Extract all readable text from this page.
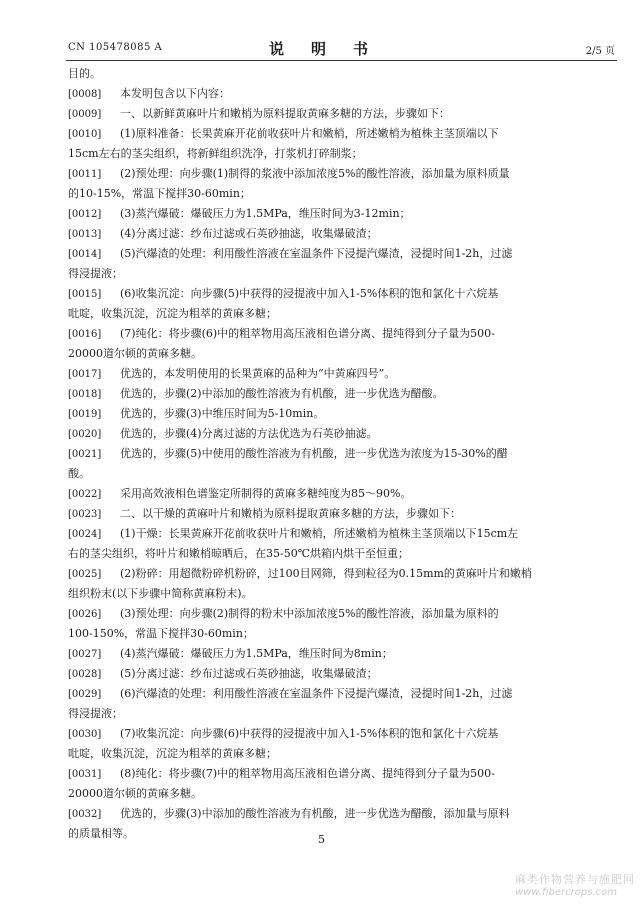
CN 105478085 A	说　明　书	2/5 页
目的。
[0008] 本发明包含以下内容：
[0009] 一、以新鲜黄麻叶片和嫩梢为原料提取黄麻多糖的方法，步骤如下：
[0010] (1)原料准备：长果黄麻开花前收获叶片和嫩梢，所述嫩梢为植株主茎顶端以下
15cm左右的茎尖组织，将新鲜组织洗净，打浆机打碎制浆；
[0011] (2)预处理：向步骤(1)制得的浆液中添加浓度5%的酸性溶液，添加量为原料质量
的10-15%，常温下搅拌30-60min；
[0012] (3)蒸汽爆破：爆破压力为1.5MPa，维压时间为3-12min；
[0013] (4)分离过滤：纱布过滤或石英砂抽滤，收集爆破渣；
[0014] (5)汽爆渣的处理：利用酸性溶液在室温条件下浸提汽爆渣，浸提时间1-2h，过滤
得浸提液；
[0015] (6)收集沉淀：向步骤(5)中获得的浸提液中加入1-5%体积的饱和氯化十六烷基
吡啶，收集沉淀，沉淀为粗萃的黄麻多糖；
[0016] (7)纯化：将步骤(6)中的粗萃物用高压液相色谱分离、提纯得到分子量为500-
20000道尔顿的黄麻多糖。
[0017] 优选的，本发明使用的长果黄麻的品种为“中黄麻四号”。
[0018] 优选的，步骤(2)中添加的酸性溶液为有机酸，进一步优选为醋酸。
[0019] 优选的，步骤(3)中维压时间为5-10min。
[0020] 优选的，步骤(4)分离过滤的方法优选为石英砂抽滤。
[0021] 优选的，步骤(5)中使用的酸性溶液为有机酸，进一步优选为浓度为15-30%的醋
酸。
[0022] 采用高效液相色谱鉴定所制得的黄麻多糖纯度为85～90%。
[0023] 二、以干燥的黄麻叶片和嫩梢为原料提取黄麻多糖的方法，步骤如下：
[0024] (1)干燥：长果黄麻开花前收获叶片和嫩梢，所述嫩梢为植株主茎顶端以下15cm左
右的茎尖组织，将叶片和嫩梢晾晒后，在35-50℃烘箱内烘干至恒重；
[0025] (2)粉碎：用超微粉碎机粉碎，过100目网筛，得到粒径为0.15mm的黄麻叶片和嫩梢
组织粉末(以下步骤中简称黄麻粉末)。
[0026] (3)预处理：向步骤(2)制得的粉末中添加浓度5%的酸性溶液，添加量为原料的
100-150%，常温下搅拌30-60min；
[0027] (4)蒸汽爆破：爆破压力为1.5MPa，维压时间为8min；
[0028] (5)分离过滤：纱布过滤或石英砂抽滤，收集爆破渣；
[0029] (6)汽爆渣的处理：利用酸性溶液在室温条件下浸提汽爆渣，浸提时间1-2h，过滤
得浸提液；
[0030] (7)收集沉淀：向步骤(6)中获得的浸提液中加入1-5%体积的饱和氯化十六烷基
吡啶，收集沉淀，沉淀为粗萃的黄麻多糖；
[0031] (8)纯化：将步骤(7)中的粗萃物用高压液相色谱分离、提纯得到分子量为500-
20000道尔顿的黄麻多糖。
[0032] 优选的，步骤(3)中添加的酸性溶液为有机酸，进一步优选为醋酸，添加量与原料
的质量相等。	5
麻类作物营养与施肥网
www.fibercrops.com
